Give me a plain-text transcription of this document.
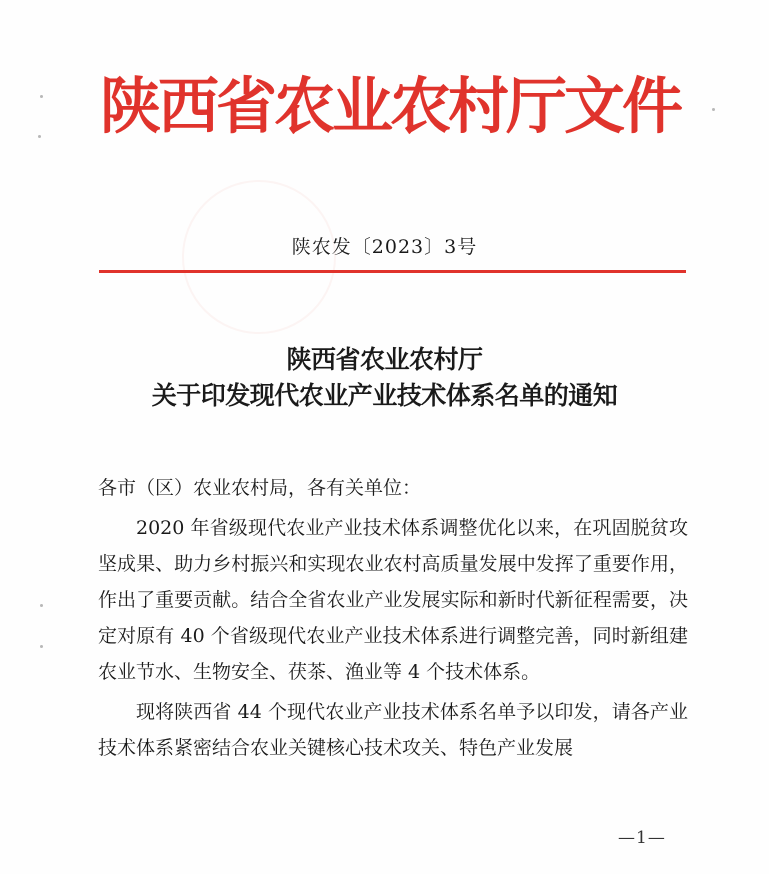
陕西省农业农村厅文件
陕农发〔2023〕3号
陕西省农业农村厅
关于印发现代农业产业技术体系名单的通知

各市（区）农业农村局，各有关单位：

2020 年省级现代农业产业技术体系调整优化以来，在巩固脱贫攻坚成果、助力乡村振兴和实现农业农村高质量发展中发挥了重要作用，作出了重要贡献。结合全省农业产业发展实际和新时代新征程需要，决定对原有 40 个省级现代农业产业技术体系进行调整完善，同时新组建农业节水、生物安全、茯茶、渔业等 4 个技术体系。

现将陕西省 44 个现代农业产业技术体系名单予以印发，请各产业技术体系紧密结合农业关键核心技术攻关、特色产业发展

—1—
